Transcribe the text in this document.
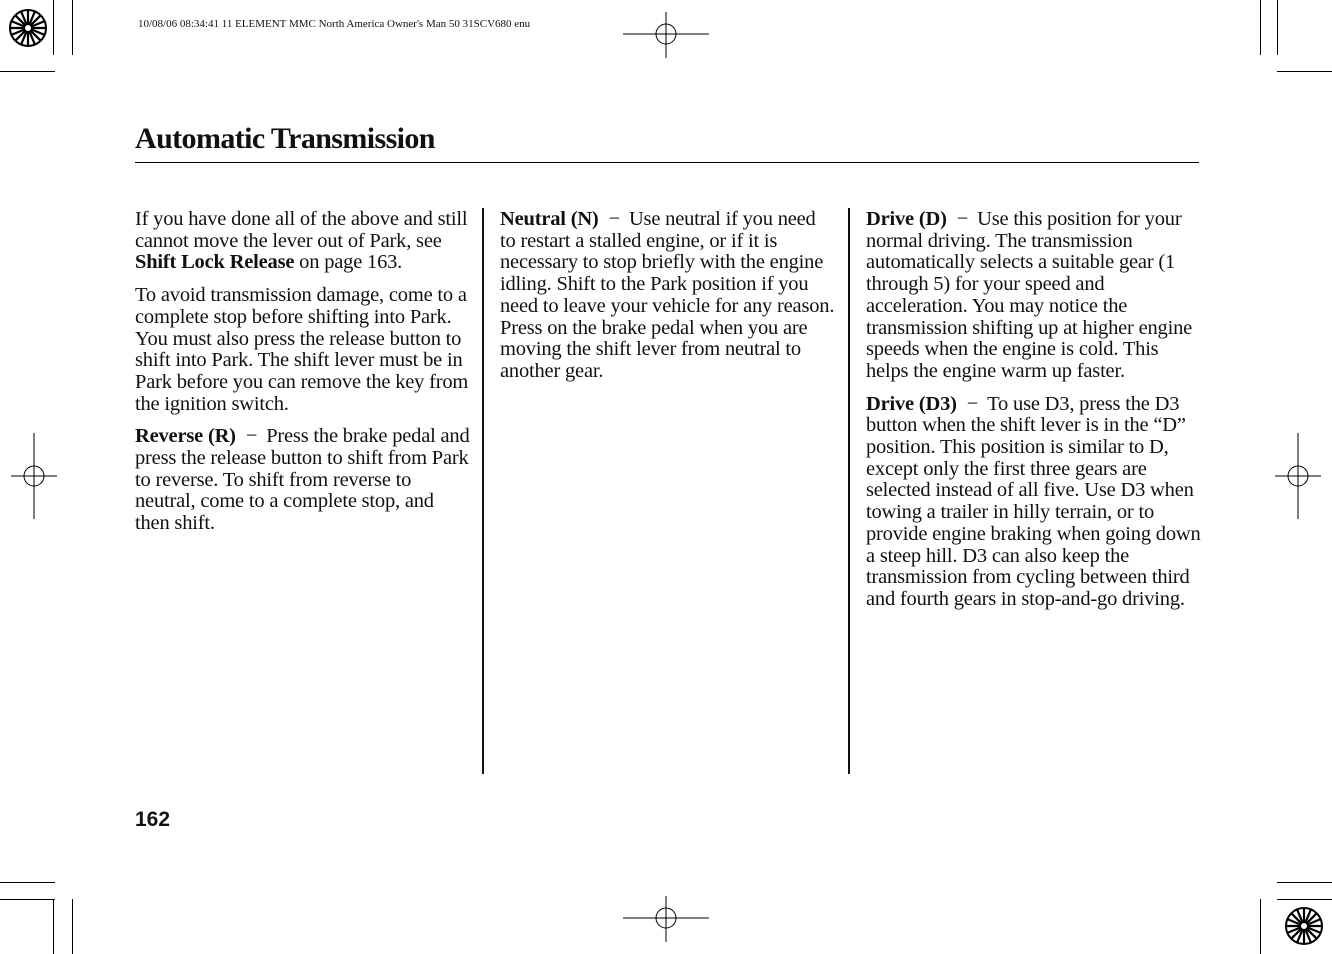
10/08/06 08:34:41 11 ELEMENT MMC North America Owner's Man 50 31SCV680 enu
Automatic Transmission

If you have done all of the above and still cannot move the lever out of Park, see Shift Lock Release on page 163.

To avoid transmission damage, come to a complete stop before shifting into Park. You must also press the release button to shift into Park. The shift lever must be in Park before you can remove the key from the ignition switch.

Reverse (R) − Press the brake pedal and press the release button to shift from Park to reverse. To shift from reverse to neutral, come to a complete stop, and then shift.

Neutral (N) − Use neutral if you need to restart a stalled engine, or if it is necessary to stop briefly with the engine idling. Shift to the Park position if you need to leave your vehicle for any reason. Press on the brake pedal when you are moving the shift lever from neutral to another gear.

Drive (D) − Use this position for your normal driving. The transmission automatically selects a suitable gear (1 through 5) for your speed and acceleration. You may notice the transmission shifting up at higher engine speeds when the engine is cold. This helps the engine warm up faster.

Drive (D3) − To use D3, press the D3 button when the shift lever is in the “D” position. This position is similar to D, except only the first three gears are selected instead of all five. Use D3 when towing a trailer in hilly terrain, or to provide engine braking when going down a steep hill. D3 can also keep the transmission from cycling between third and fourth gears in stop-and-go driving.

162
